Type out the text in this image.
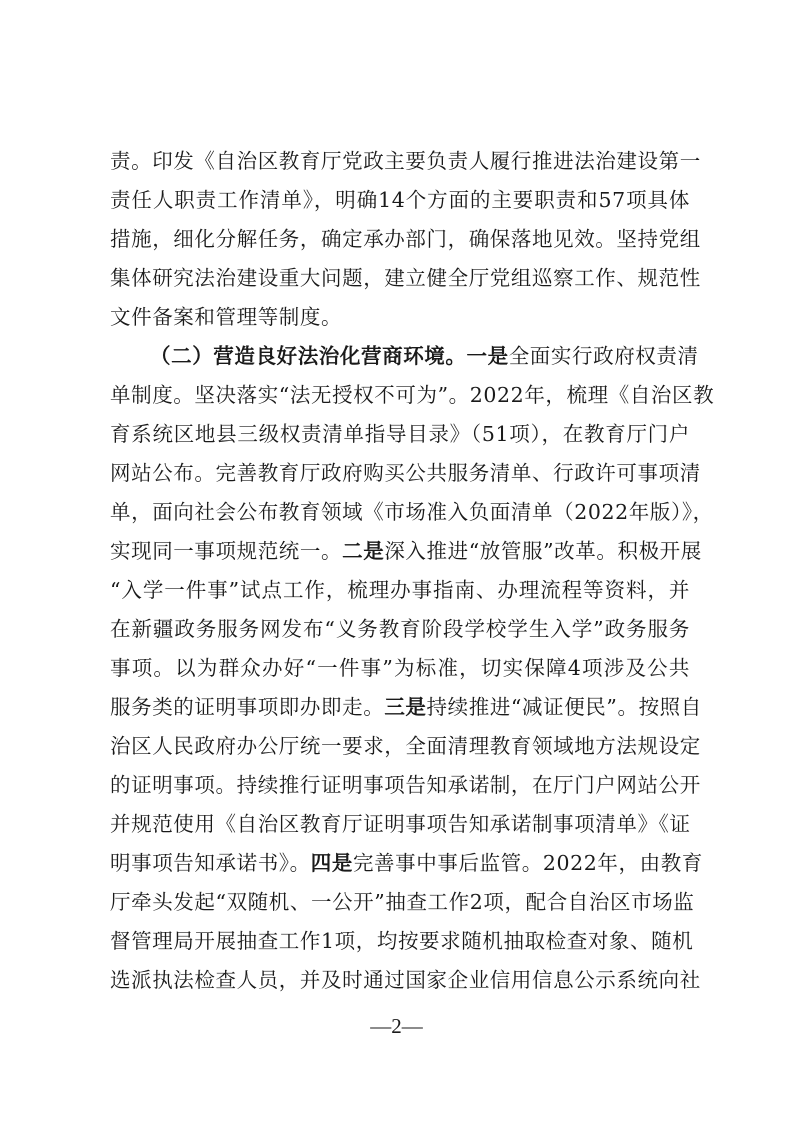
责。印发《自治区教育厅党政主要负责人履行推进法治建设第一
责任人职责工作清单》，明确14个方面的主要职责和57项具体
措施，细化分解任务，确定承办部门，确保落地见效。坚持党组
集体研究法治建设重大问题，建立健全厅党组巡察工作、规范性
文件备案和管理等制度。
（二）营造良好法治化营商环境。一是全面实行政府权责清
单制度。坚决落实“法无授权不可为”。2022年，梳理《自治区教
育系统区地县三级权责清单指导目录》（51项），在教育厅门户
网站公布。完善教育厅政府购买公共服务清单、行政许可事项清
单，面向社会公布教育领域《市场准入负面清单（2022年版）》，
实现同一事项规范统一。二是深入推进“放管服”改革。积极开展
“入学一件事”试点工作，梳理办事指南、办理流程等资料，并
在新疆政务服务网发布“义务教育阶段学校学生入学”政务服务
事项。以为群众办好“一件事”为标准，切实保障4项涉及公共
服务类的证明事项即办即走。三是持续推进“减证便民”。按照自
治区人民政府办公厅统一要求，全面清理教育领域地方法规设定
的证明事项。持续推行证明事项告知承诺制，在厅门户网站公开
并规范使用《自治区教育厅证明事项告知承诺制事项清单》《证
明事项告知承诺书》。四是完善事中事后监管。2022年，由教育
厅牵头发起“双随机、一公开”抽查工作2项，配合自治区市场监
督管理局开展抽查工作1项，均按要求随机抽取检查对象、随机
选派执法检查人员，并及时通过国家企业信用信息公示系统向社
—2—
